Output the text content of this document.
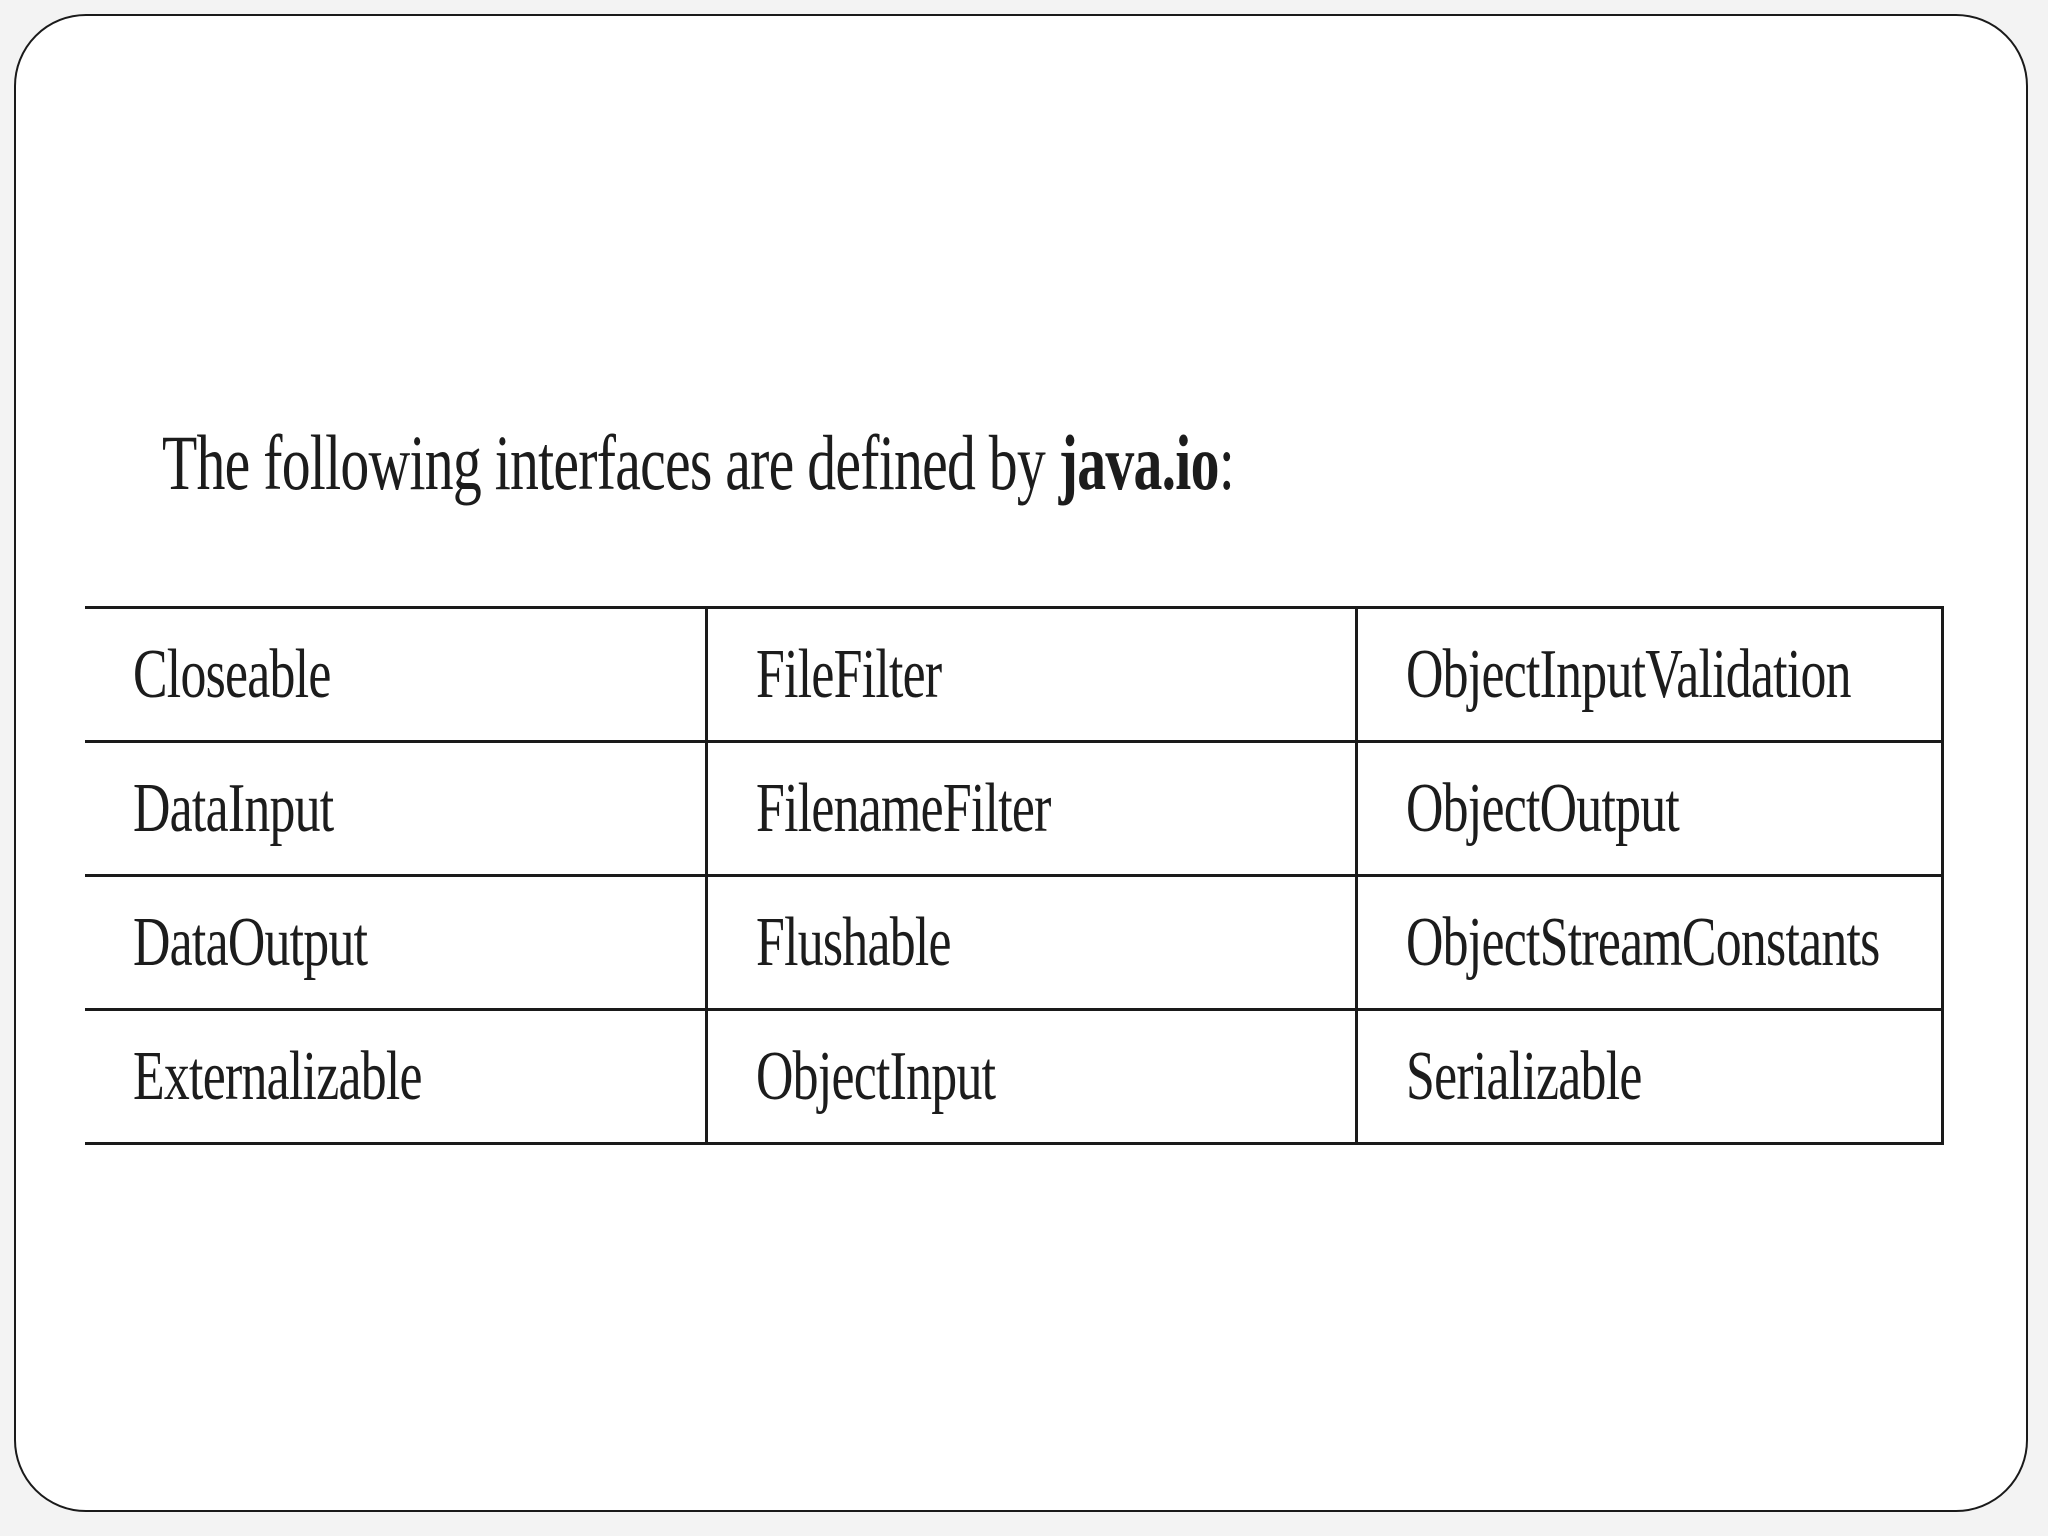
The following interfaces are defined by java.io:

Closeable	FileFilter	ObjectInputValidation
DataInput	FilenameFilter	ObjectOutput
DataOutput	Flushable	ObjectStreamConstants
Externalizable	ObjectInput	Serializable
